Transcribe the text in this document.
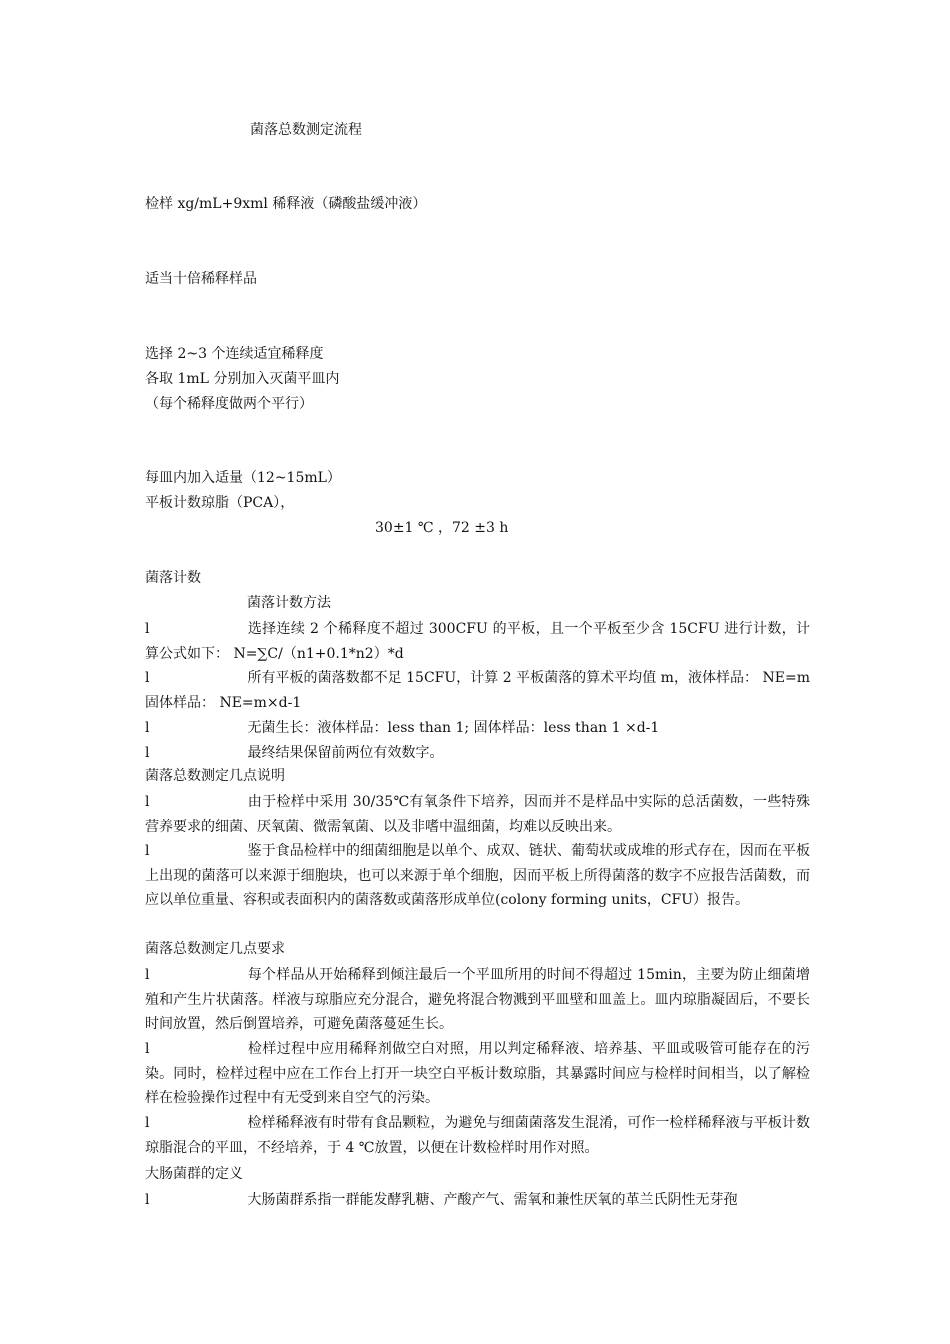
菌落总数测定流程
检样 xg/mL+9xml 稀释液（磷酸盐缓冲液）
适当十倍稀释样品
选择 2~3 个连续适宜稀释度
各取 1mL 分别加入灭菌平皿内
（每个稀释度做两个平行）
每皿内加入适量（12~15mL）
平板计数琼脂（PCA），
30±1 ℃ ，72 ±3 h
菌落计数
菌落计数方法
l	选择连续 2 个稀释度不超过 300CFU 的平板，且一个平板至少含 15CFU 进行计数，计算公式如下： N=∑C/（n1+0.1*n2）*d
l	所有平板的菌落数都不足 15CFU，计算 2 平板菌落的算术平均值 m，液体样品： NE=m 固体样品： NE=m×d-1
l	无菌生长：液体样品：less than 1; 固体样品：less than 1 ×d-1
l	最终结果保留前两位有效数字。
菌落总数测定几点说明
l	由于检样中采用 30/35℃有氧条件下培养，因而并不是样品中实际的总活菌数，一些特殊营养要求的细菌、厌氧菌、微需氧菌、以及非嗜中温细菌，均难以反映出来。
l	鉴于食品检样中的细菌细胞是以单个、成双、链状、葡萄状或成堆的形式存在，因而在平板上出现的菌落可以来源于细胞块，也可以来源于单个细胞，因而平板上所得菌落的数字不应报告活菌数，而应以单位重量、容积或表面积内的菌落数或菌落形成单位(colony forming units，CFU）报告。
菌落总数测定几点要求
l	每个样品从开始稀释到倾注最后一个平皿所用的时间不得超过 15min，主要为防止细菌增殖和产生片状菌落。样液与琼脂应充分混合，避免将混合物溅到平皿壁和皿盖上。皿内琼脂凝固后，不要长时间放置，然后倒置培养，可避免菌落蔓延生长。
l	检样过程中应用稀释剂做空白对照，用以判定稀释液、培养基、平皿或吸管可能存在的污染。同时，检样过程中应在工作台上打开一块空白平板计数琼脂，其暴露时间应与检样时间相当，以了解检样在检验操作过程中有无受到来自空气的污染。
l	检样稀释液有时带有食品颗粒，为避免与细菌菌落发生混淆，可作一检样稀释液与平板计数琼脂混合的平皿，不经培养，于 4 ℃放置，以便在计数检样时用作对照。
大肠菌群的定义
l	大肠菌群系指一群能发酵乳糖、产酸产气、需氧和兼性厌氧的革兰氏阴性无芽孢
